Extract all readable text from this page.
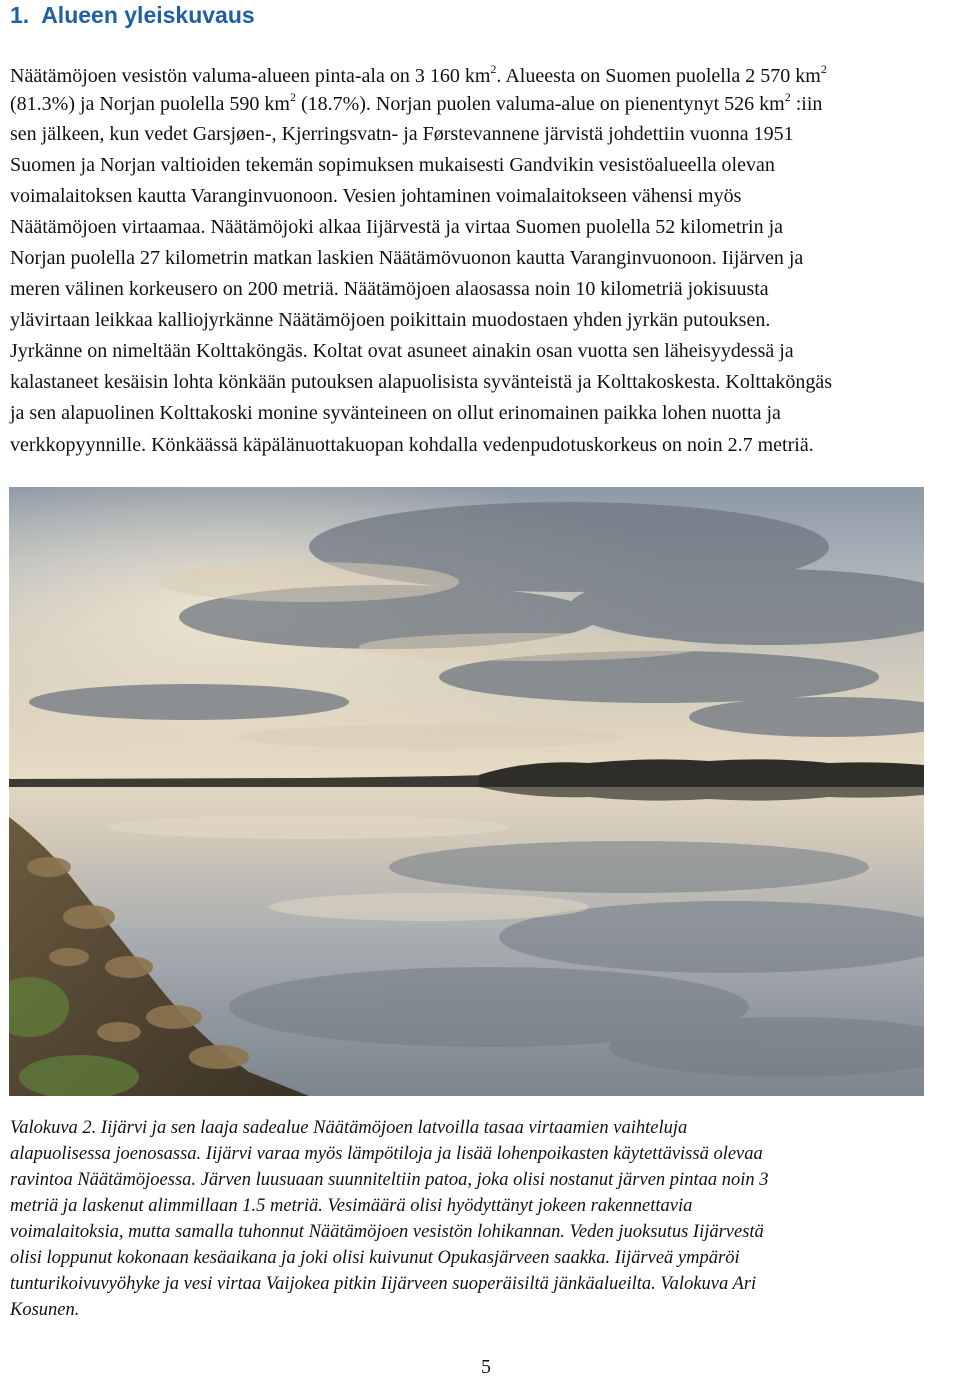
1. Alueen yleiskuvaus
Näätämöjoen vesistön valuma-alueen pinta-ala on 3 160 $km^2$. Alueesta on Suomen puolella 2 570 $km^2$
(81.3%) ja Norjan puolella 590 $km^2$ (18.7%). Norjan puolen valuma-alue on pienentynyt 526 $km^2$ :iin
sen jälkeen, kun vedet Garsjøen-, Kjerringsvatn- ja Førstevannene järvistä johdettiin vuonna 1951
Suomen ja Norjan valtioiden tekemän sopimuksen mukaisesti Gandvikin vesistöalueella olevan
voimalaitoksen kautta Varanginvuonoon. Vesien johtaminen voimalaitokseen vähensi myös
Näätämöjoen virtaamaa. Näätämöjoki alkaa Iijärvestä ja virtaa Suomen puolella 52 kilometrin ja
Norjan puolella 27 kilometrin matkan laskien Näätämövuonon kautta Varanginvuonoon. Iijärven ja
meren välinen korkeusero on 200 metriä. Näätämöjoen alaosassa noin 10 kilometriä jokisuusta
ylävirtaan leikkaa kalliojyrkänne Näätämöjoen poikittain muodostaen yhden jyrkän putouksen.
Jyrkänne on nimeltään Kolttaköngäs. Koltat ovat asuneet ainakin osan vuotta sen läheisyydessä ja
kalastaneet kesäisin lohta könkään putouksen alapuolisista syvänteistä ja Kolttakoskesta. Kolttaköngäs
ja sen alapuolinen Kolttakoski monine syvänteineen on ollut erinomainen paikka lohen nuotta ja
verkkopyynnille. Könkäässä käpälänuottakuopan kohdalla vedenpudotuskorkeus on noin 2.7 metriä.
Valokuva 2. Iijärvi ja sen laaja sadealue Näätämöjoen latvoilla tasaa virtaamien vaihteluja
alapuolisessa joenosassa. Iijärvi varaa myös lämpötiloja ja lisää lohenpoikasten käytettävissä olevaa
ravintoa Näätämöjoessa. Järven luusuaan suunniteltiin patoa, joka olisi nostanut järven pintaa noin 3
metriä ja laskenut alimmillaan 1.5 metriä. Vesimäärä olisi hyödyttänyt jokeen rakennettavia
voimalaitoksia, mutta samalla tuhonnut Näätämöjoen vesistön lohikannan. Veden juoksutus Iijärvestä
olisi loppunut kokonaan kesäaikana ja joki olisi kuivunut Opukasjärveen saakka. Iijärveä ympäröi
tunturikoivuvyöhyke ja vesi virtaa Vaijokea pitkin Iijärveen suoperäisiltä jänkäalueilta. Valokuva Ari
Kosunen.
5
